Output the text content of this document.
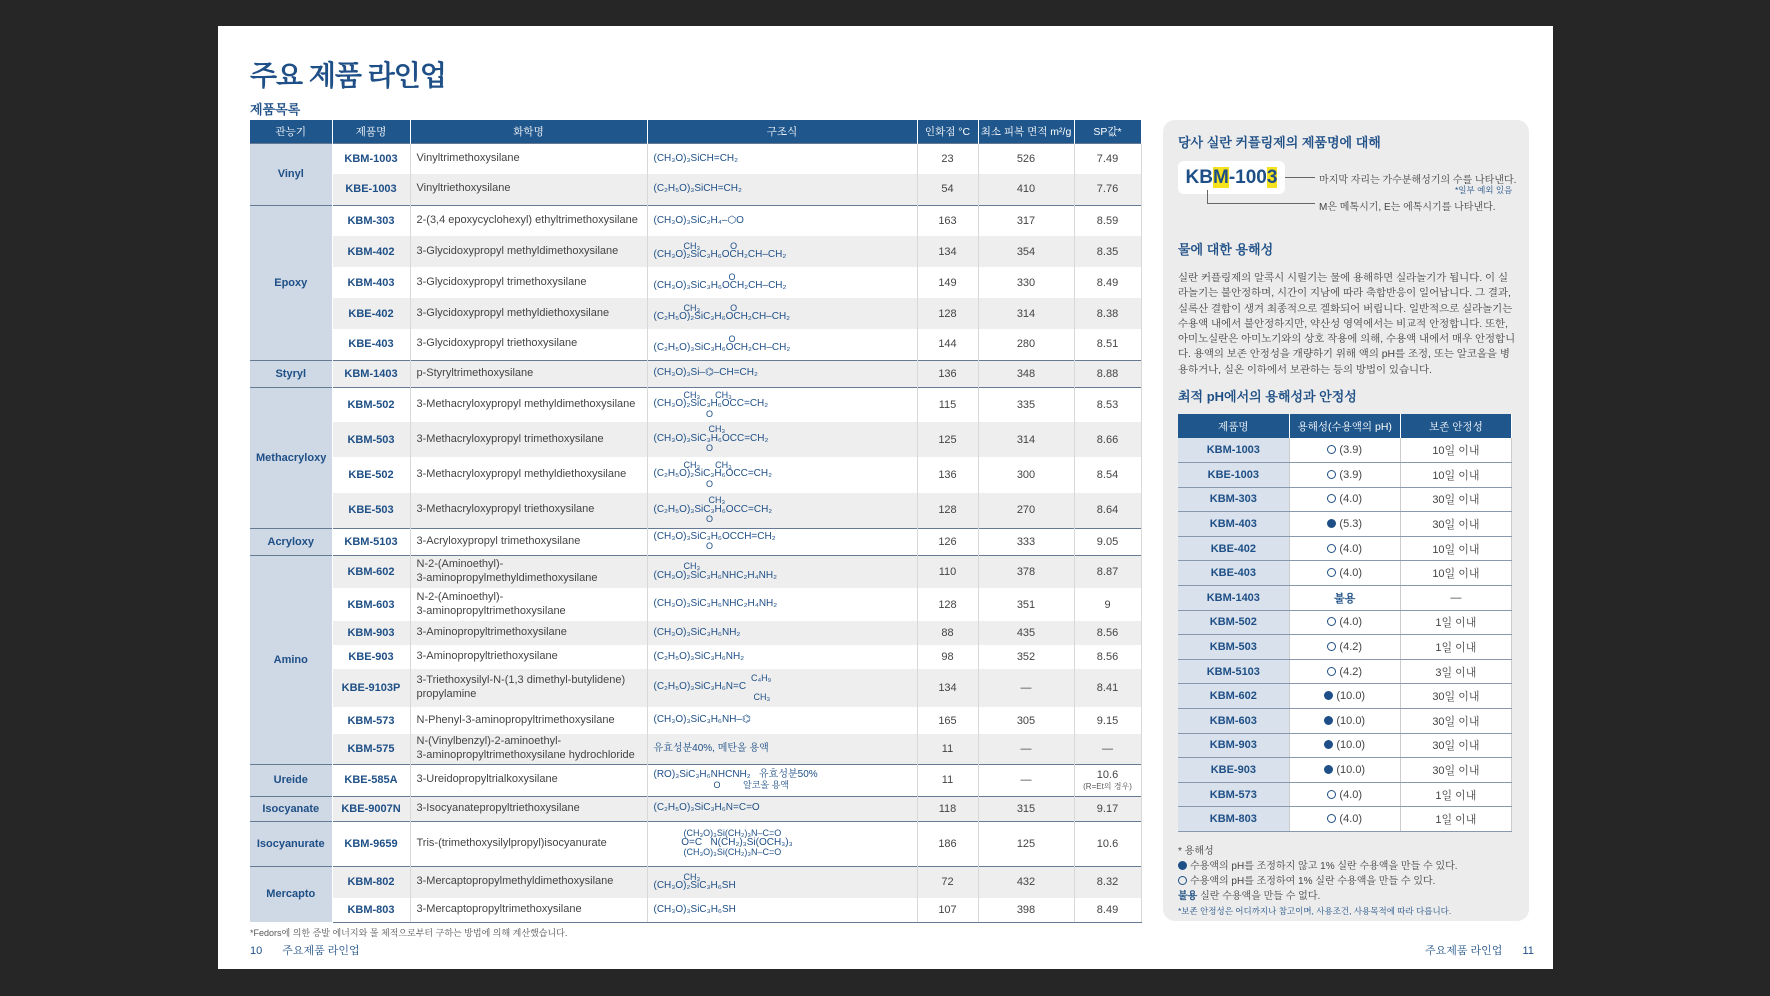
주요 제품 라인업
제품목록
관능기	제품명	화학명	구조식	인화점 °C	최소 피복 면적 m²/g	SP값*
Vinyl	KBM-1003	Vinyltrimethoxysilane	(CH₃O)₃SiCH=CH₂	23	526	7.49
	KBE-1003	Vinyltriethoxysilane	(C₂H₅O)₃SiCH=CH₂	54	410	7.76
Epoxy	KBM-303	2-(3,4 epoxycyclohexyl) ethyltrimethoxysilane	(CH₃O)₃SiC₂H₄–⬡O	163	317	8.59
	KBM-402	3-Glycidoxypropyl methyldimethoxysilane	CH₃            O
(CH₃O)₂SiC₃H₆OCH₂CH–CH₂	134	354	8.35
	KBM-403	3-Glycidoxypropyl trimethoxysilane	O
(CH₃O)₃SiC₃H₆OCH₂CH–CH₂	149	330	8.49
	KBE-402	3-Glycidoxypropyl methyldiethoxysilane	CH₃            O
(C₂H₅O)₂SiC₃H₆OCH₂CH–CH₂	128	314	8.38
	KBE-403	3-Glycidoxypropyl triethoxysilane	O
(C₂H₅O)₃SiC₃H₆OCH₂CH–CH₂	144	280	8.51
Styryl	KBM-1403	p-Styryltrimethoxysilane	(CH₃O)₃Si–⌬–CH=CH₂	136	348	8.88
Methacryloxy	KBM-502	3-Methacryloxypropyl methyldimethoxysilane	CH₃      CH₃
(CH₃O)₂SiC₃H₆OCC=CH₂
O	115	335	8.53
	KBM-503	3-Methacryloxypropyl trimethoxysilane	CH₃
(CH₃O)₃SiC₃H₆OCC=CH₂
O	125	314	8.66
	KBE-502	3-Methacryloxypropyl methyldiethoxysilane	CH₃      CH₃
(C₂H₅O)₂SiC₃H₆OCC=CH₂
O	136	300	8.54
	KBE-503	3-Methacryloxypropyl triethoxysilane	CH₃
(C₂H₅O)₃SiC₃H₆OCC=CH₂
O	128	270	8.64
Acryloxy	KBM-5103	3-Acryloxypropyl trimethoxysilane	(CH₃O)₃SiC₃H₆OCCH=CH₂
O	126	333	9.05
Amino	KBM-602	N-2-(Aminoethyl)-
3-aminopropylmethyldimethoxysilane	CH₃
(CH₃O)₂SiC₃H₆NHC₂H₄NH₂	110	378	8.87
	KBM-603	N-2-(Aminoethyl)-
3-aminopropyltrimethoxysilane	(CH₃O)₃SiC₃H₆NHC₂H₄NH₂	128	351	9
	KBM-903	3-Aminopropyltrimethoxysilane	(CH₃O)₃SiC₃H₆NH₂	88	435	8.56
	KBE-903	3-Aminopropyltriethoxysilane	(C₂H₅O)₃SiC₃H₆NH₂	98	352	8.56
	KBE-9103P	3-Triethoxysilyl-N-(1,3 dimethyl-butylidene)
propylamine	C₄H₉
(C₂H₅O)₃SiC₃H₆N=C
CH₃	134	—	8.41
	KBM-573	N-Phenyl-3-aminopropyltrimethoxysilane	(CH₃O)₃SiC₃H₆NH–⌬	165	305	9.15
	KBM-575	N-(Vinylbenzyl)-2-aminoethyl-
3-aminopropyltrimethoxysilane hydrochloride	유효성분40%, 메탄올 용액	11	—	—
Ureide	KBE-585A	3-Ureidopropyltrialkoxysilane	(RO)₃SiC₃H₆NHCNH₂   유효성분50%
O         알코올 용액	11	—	10.6
(R=Et의 경우)

Isocyanate	KBE-9007N	3-Isocyanatepropyltriethoxysilane	(C₂H₅O)₃SiC₃H₆N=C=O	118	315	9.17
Isocyanurate	KBM-9659	Tris-(trimethoxysilylpropyl)isocyanurate	(CH₃O)₃Si(CH₂)₃N–C=O
O=C   N(CH₂)₃Si(OCH₃)₃
(CH₃O)₃Si(CH₂)₃N–C=O	186	125	10.6
Mercapto	KBM-802	3-Mercaptopropylmethyldimethoxysilane	CH₃
(CH₃O)₂SiC₃H₆SH	72	432	8.32
	KBM-803	3-Mercaptopropyltrimethoxysilane	(CH₃O)₃SiC₃H₆SH	107	398	8.49
*Fedors에 의한 증발 에너지와 몰 체적으로부터 구하는 방법에 의해 계산했습니다.
10 주요제품 라인업	주요제품 라인업 11
당사 실란 커플링제의 제품명에 대해
KBM-1003	마지막 자리는 가수분해성기의 수를 나타낸다.
*일부 예외 있음
M은 메톡시기, E는 에톡시기를 나타낸다.
물에 대한 용해성
실란 커플링제의 알콕시 시릴기는 물에 용해하면 실라놀기가 됩니다. 이 실라놀기는 불안정하며, 시간이 지남에 따라 축합반응이 일어납니다. 그 결과, 실록산 결합이 생겨 최종적으로 겔화되어 버립니다. 일반적으로 실라놀기는 수용액 내에서 불안정하지만, 약산성 영역에서는 비교적 안정합니다. 또한, 아미노실란은 아미노기와의 상호 작용에 의해, 수용액 내에서 매우 안정합니다. 용액의 보존 안정성을 개량하기 위해 액의 pH를 조정, 또는 알코올을 병용하거나, 실온 이하에서 보관하는 등의 방법이 있습니다.
최적 pH에서의 용해성과 안정성
제품명	용해성(수용액의 pH)	보존 안정성
KBM-1003	(3.9)	10일 이내
KBE-1003	(3.9)	10일 이내
KBM-303	(4.0)	30일 이내
KBM-403	(5.3)	30일 이내
KBE-402	(4.0)	10일 이내
KBE-403	(4.0)	10일 이내
KBM-1403	불용	—
KBM-502	(4.0)	1일 이내
KBM-503	(4.2)	1일 이내
KBM-5103	(4.2)	3일 이내
KBM-602	(10.0)	30일 이내
KBM-603	(10.0)	30일 이내
KBM-903	(10.0)	30일 이내
KBE-903	(10.0)	30일 이내
KBM-573	(4.0)	1일 이내
KBM-803	(4.0)	1일 이내
* 용해성
수용액의 pH를 조정하지 않고 1% 실란 수용액을 만들 수 있다.
수용액의 pH를 조정하여 1% 실란 수용액을 만들 수 있다.
불용 실란 수용액을 만들 수 없다.
*보존 안정성은 어디까지나 참고이며, 사용조건, 사용목적에 따라 다릅니다.
